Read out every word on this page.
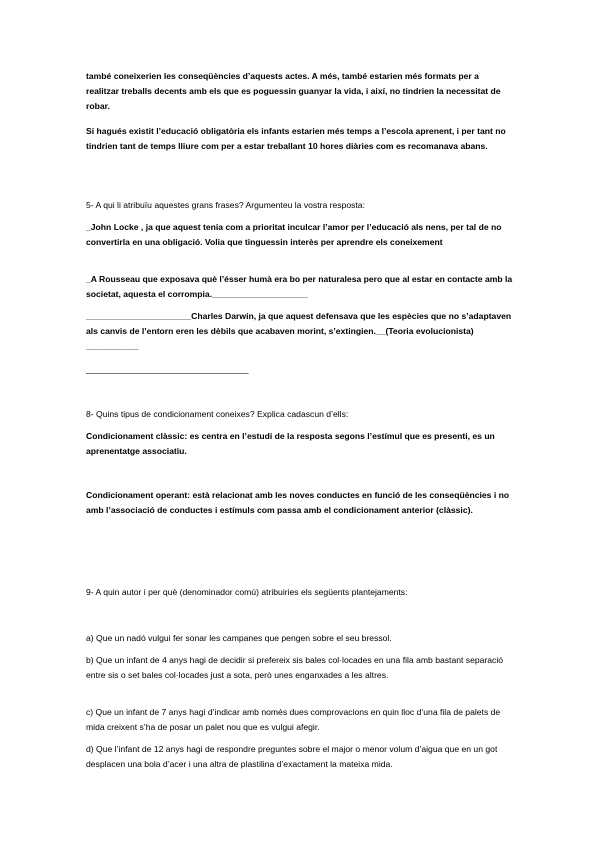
també coneixerien les conseqüències d’aquests actes. A més, també estarien més formats per a realitzar treballs decents amb els que es poguessin guanyar la vida, i així, no tindrien la necessitat de robar.

Si hagués existit l’educació obligatòria els infants estarien més temps a l’escola aprenent, i per tant no tindrien tant de temps lliure com per a estar treballant 10 hores diàries com es recomanava abans.

5- A qui li atribuïu aquestes grans frases? Argumenteu la vostra resposta:

_John Locke , ja que aquest tenia com a prioritat inculcar l’amor per l’educació als nens, per tal de no convertirla en una obligació. Volia que tinguessin interès per aprendre els coneixement

_A Rousseau que exposava què l’ésser humà era bo per naturalesa pero que al estar en contacte amb la societat, aquesta el corrompia.____________________

______________________Charles Darwin, ja que aquest defensava que les espècies que no s’adaptaven als canvis de l’entorn eren les dèbils que acabaven morint, s’extingien.__(Teoria evolucionista) ___________

__________________________________

8- Quins tipus de condicionament coneixes? Explica cadascun d’ells:

Condicionament clàssic: es centra en l’estudi de la resposta segons l’estímul que es presenti, es un aprenentatge associatiu.

Condicionament operant: està relacionat amb les noves conductes en funció de les conseqüències i no amb l’associació de conductes i estímuls com passa amb el condicionament anterior (clàssic).

9- A quin autor i per què (denominador comú) atribuiries els següents plantejaments:

a) Que un nadó vulgui fer sonar les campanes que pengen sobre el seu bressol.

b) Que un infant de 4 anys hagi de decidir si prefereix sis bales col·locades en una fila amb bastant separació entre sis o set bales col·locades just a sota, però unes enganxades a les altres.

c) Que un infant de 7 anys hagi d’indicar amb només dues comprovacions en quin lloc d’una fila de palets de mida creixent s’ha de posar un palet nou que es vulgui afegir.

d) Que l’infant de 12 anys hagi de respondre preguntes sobre el major o menor volum d’aigua que en un got desplacen una bola d’acer i una altra de plastilina d’exactament la mateixa mida.
